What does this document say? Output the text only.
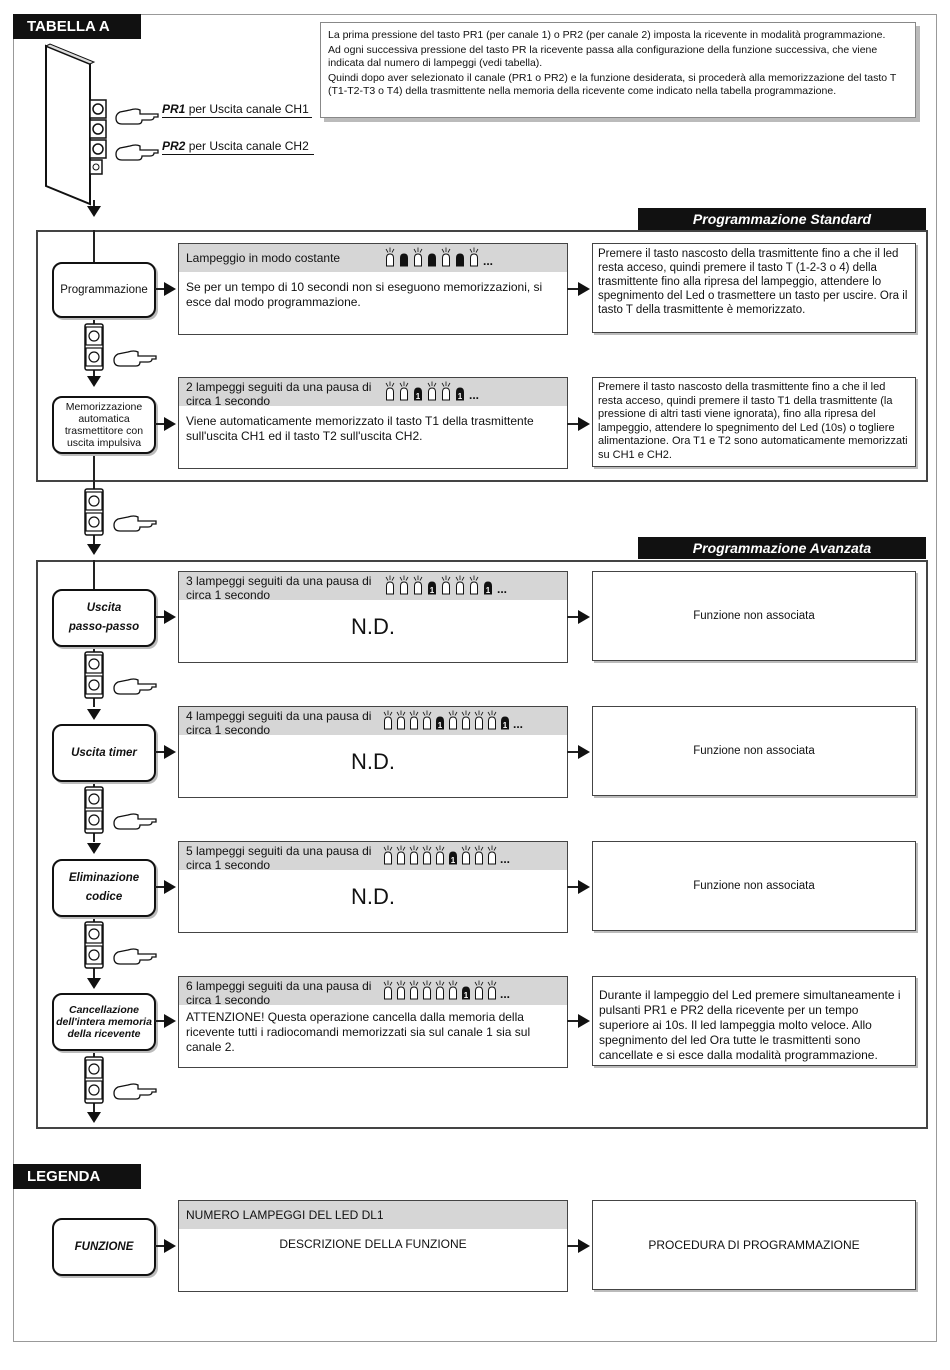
TABELLA A	La prima pressione del tasto PR1 (per canale 1) o PR2 (per canale 2) imposta la ricevente in modalità programmazione.
Ad ogni successiva pressione del tasto PR la ricevente passa alla configurazione della funzione successiva, che viene indicata dal numero di lampeggi (vedi tabella).
Quindi dopo aver selezionato il canale (PR1 o PR2) e la funzione desiderata, si procederà alla memorizzazione del tasto T (T1-T2-T3 o T4) della trasmittente nella memoria della ricevente come indicato nella tabella programmazione.
PR1 per Uscita canale CH1
PR2 per Uscita canale CH2
Programmazione Standard
Programmazione Avanzata
Programmazione
Lampeggio in modo costante	...
Se per un tempo di 10 secondi non si eseguono memorizzazioni, si esce dal modo programmazione.
Premere il tasto nascosto della trasmittente fino a che il led resta acceso, quindi premere il tasto T (1-2-3 o 4) della trasmittente fino alla ripresa del lampeggio, attendere lo spegnimento del Led o trasmettere un tasto per uscire. Ora il tasto T della trasmittente è memorizzato.
Memorizzazione automatica trasmettitore con uscita impulsiva
2 lampeggi seguiti da una pausa di circa 1 secondo	1	1 ...
Viene automaticamente memorizzato il tasto T1 della trasmittente sull'uscita CH1 ed il tasto T2 sull'uscita CH2.
Premere il tasto nascosto della trasmittente fino a che il led resta acceso, quindi premere il tasto T1 della trasmittente (la pressione di altri tasti viene ignorata), fino alla ripresa del lampeggio, attendere lo spegnimento del Led (10s) o togliere alimentazione. Ora T1 e T2 sono automaticamente memorizzati su CH1 e CH2.
Uscita
passo-passo
3 lampeggi seguiti da una pausa di circa 1 secondo	1	1 ...
N.D.	Funzione non associata
Uscita timer
4 lampeggi seguiti da una pausa di circa 1 secondo	1	1 ...
N.D.	Funzione non associata
Eliminazione
codice
5 lampeggi seguiti da una pausa di circa 1 secondo	1	...
N.D.	Funzione non associata
Cancellazione dell'intera memoria della ricevente
6 lampeggi seguiti da una pausa di circa 1 secondo	1	...
ATTENZIONE! Questa operazione cancella dalla memoria della ricevente tutti i radiocomandi memorizzati sia sul canale 1 sia sul canale 2.
Durante il lampeggio del Led premere simultaneamente i pulsanti PR1 e PR2 della ricevente per un tempo superiore ai 10s. Il led lampeggia molto veloce. Allo spegnimento del led Ora tutte le trasmittenti sono cancellate e si esce dalla modalità programmazione.
LEGENDA
FUNZIONE
NUMERO LAMPEGGI DEL LED DL1
DESCRIZIONE DELLA FUNZIONE	PROCEDURA DI PROGRAMMAZIONE
